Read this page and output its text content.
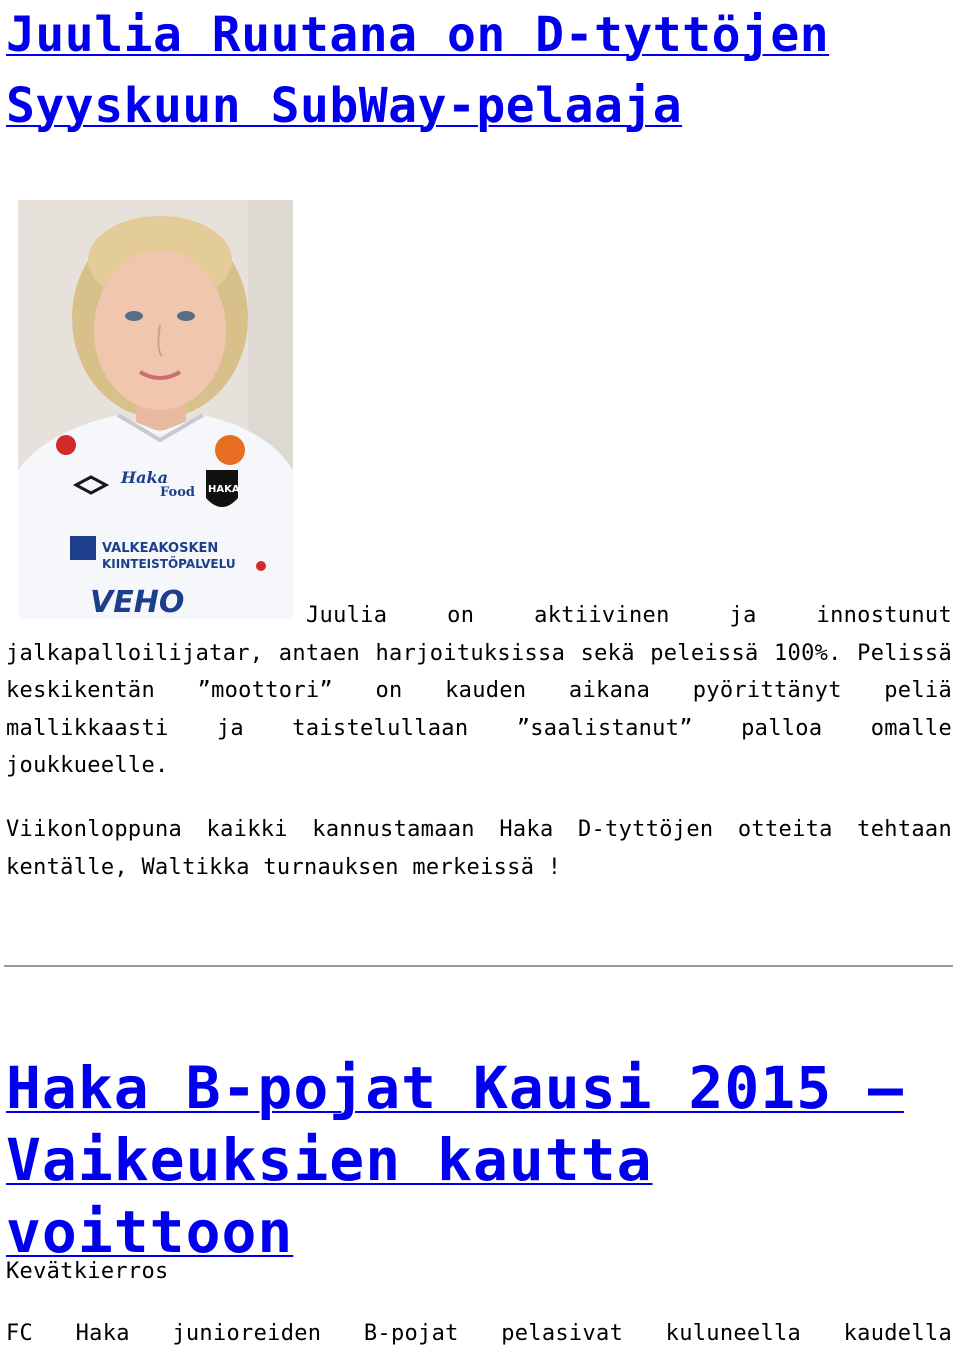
Juulia Ruutana on D-tyttöjen
Syyskuun SubWay-pelaaja
Haka
Food HAKA
VALKEAKOSKEN
KIINTEISTÖPALVELU
VEHO	Juulia on aktiivinen ja innostunut jalkapalloilijatar, antaen harjoituksissa sekä peleissä 100%. Pelissä keskikentän ”moottori” on kauden aikana pyörittänyt peliä mallikkaasti ja taistelullaan ”saalistanut” palloa omalle joukkueelle.
Viikonloppuna kaikki kannustamaan Haka D-tyttöjen otteita tehtaan kentälle, Waltikka turnauksen merkeissä !
Haka B-pojat Kausi 2015 – Vaikeuksien kautta voittoon
Kevätkierros
FC Haka junioreiden B-pojat pelasivat kuluneella kaudella
